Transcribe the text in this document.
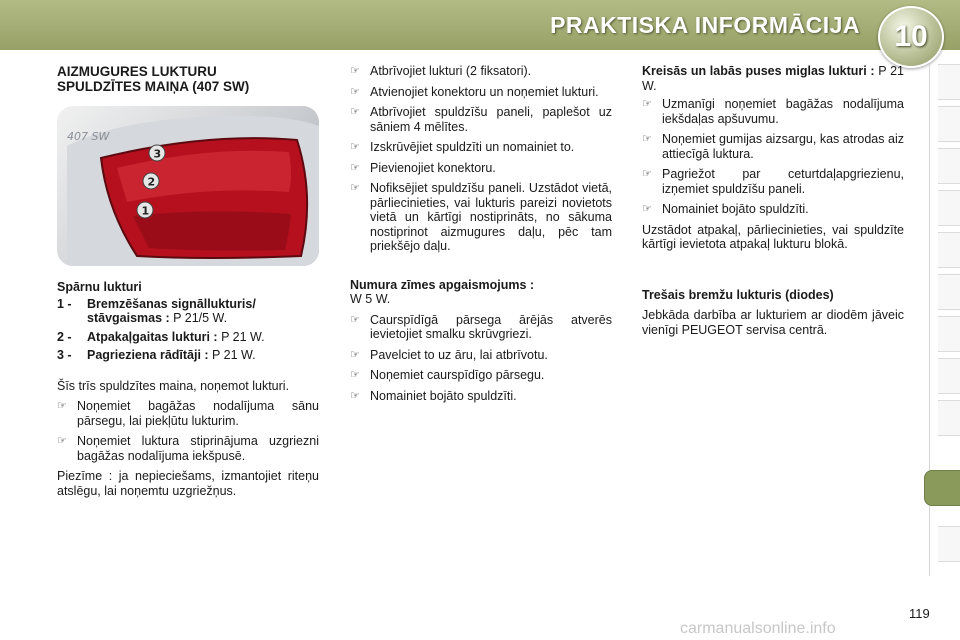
PRAKTISKA INFORMĀCIJA 10
AIZMUGURES LUKTURU
SPULDZĪTES MAIŅA (407 SW)
407 SW
3
2
1
Spārnu lukturi
1 -	Bremzēšanas signāllukturis/ stāvgaismas : P 21/5 W.
2 -	Atpakaļgaitas lukturi : P 21 W.
3 -	Pagrieziena rādītāji : P 21 W.

Šīs trīs spuldzītes maina, noņemot lukturi.

☞ Noņemiet bagāžas nodalījuma sānu pārsegu, lai piekļūtu lukturim.
☞ Noņemiet luktura stiprinājuma uzgriezni bagāžas nodalījuma iekšpusē.

Piezīme : ja nepieciešams, izmantojiet riteņu atslēgu, lai noņemtu uzgriežņus.

☞ Atbrīvojiet lukturi (2 fiksatori).
☞ Atvienojiet konektoru un noņemiet lukturi.
☞ Atbrīvojiet spuldzīšu paneli, paplešot uz sāniem 4 mēlītes.
☞ Izskrūvējiet spuldzīti un nomainiet to.
☞ Pievienojiet konektoru.
☞ Nofiksējiet spuldzīšu paneli. Uzstādot vietā, pārliecinieties, vai lukturis pareizi novietots vietā un kārtīgi nostiprināts, no sākuma nostiprinot aizmugures daļu, pēc tam priekšējo daļu.
Numura zīmes apgaismojums :

W 5 W.

☞ Caurspīdīgā pārsega ārējās atverēs ievietojiet smalku skrūvgriezi.
☞ Pavelciet to uz āru, lai atbrīvotu.
☞ Noņemiet caurspīdīgo pārsegu.
☞ Nomainiet bojāto spuldzīti.

Kreisās un labās puses miglas lukturi : P 21 W.

☞ Uzmanīgi noņemiet bagāžas nodalījuma iekšdaļas apšuvumu.
☞ Noņemiet gumijas aizsargu, kas atrodas aiz attiecīgā luktura.
☞ Pagriežot par ceturtdaļapgriezienu, izņemiet spuldzīšu paneli.
☞ Nomainiet bojāto spuldzīti.

Uzstādot atpakaļ, pārliecinieties, vai spuldzīte kārtīgi ievietota atpakaļ lukturu blokā.

Trešais bremžu lukturis (diodes)

Jebkāda darbība ar lukturiem ar diodēm jāveic vienīgi PEUGEOT servisa centrā.

119
carmanualsonline.info
